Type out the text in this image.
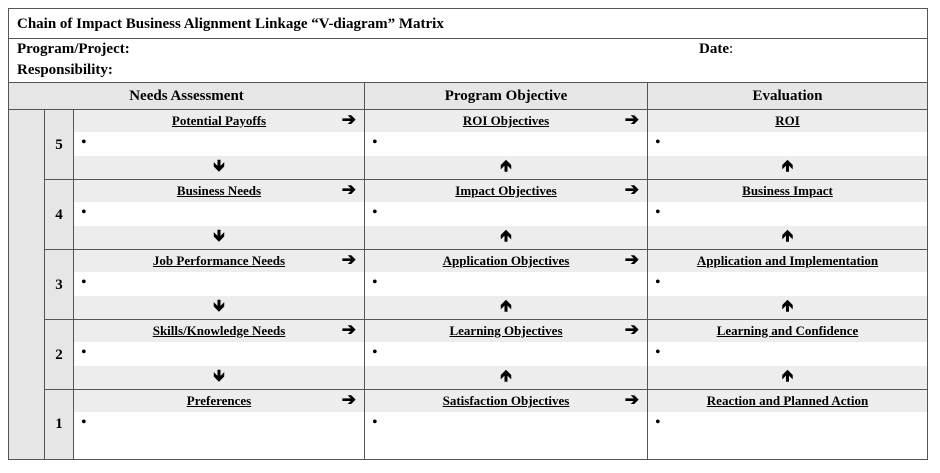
Chain of Impact Business Alignment Linkage “V-diagram” Matrix
Program/Project:
Responsibility:
Date:
Needs Assessment	Program Objective	Evaluation
5
Potential Payoffs	➔
•
🡻
ROI Objectives	➔
•
🡹
ROI
•
🡹
4
Business Needs	➔
•
🡻
Impact Objectives	➔
•
🡹
Business Impact
•
🡹
3
Job Performance Needs	➔
•
🡻
Application Objectives	➔
•
🡹
Application and Implementation
•
🡹
2
Skills/Knowledge Needs	➔
•
🡻
Learning Objectives	➔
•
🡹
Learning and Confidence
•
🡹
1
Preferences	➔
•
Satisfaction Objectives	➔
•
Reaction and Planned Action
•
